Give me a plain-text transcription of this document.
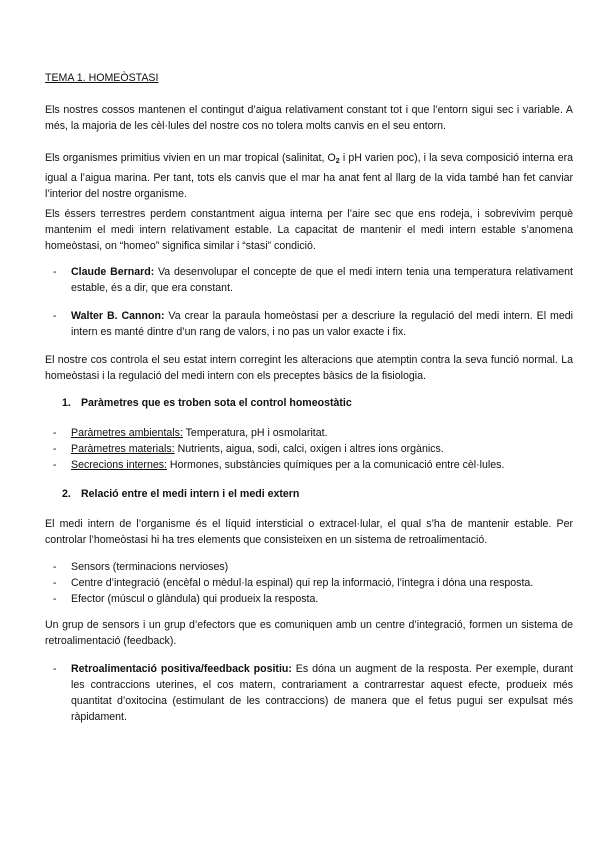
TEMA 1. HOMEÒSTASI

Els nostres cossos mantenen el contingut d’aigua relativament constant tot i que l’entorn sigui sec i variable. A més, la majoria de les cèl·lules del nostre cos no tolera molts canvis en el seu entorn.

Els organismes primitius vivien en un mar tropical (salinitat, $O_2$ i pH varien poc), i la seva composició interna era igual a l’aigua marina. Per tant, tots els canvis que el mar ha anat fent al llarg de la vida també han fet canviar l’interior del nostre organisme.

Els éssers terrestres perdem constantment aigua interna per l’aire sec que ens rodeja, i sobrevivim perquè mantenim el medi intern relativament estable. La capacitat de mantenir el medi intern estable s’anomena homeòstasi, on “homeo” significa similar i “stasi” condició.

- Claude Bernard: Va desenvolupar el concepte de que el medi intern tenia una temperatura relativament estable, és a dir, que era constant.
- Walter B. Cannon: Va crear la paraula homeòstasi per a descriure la regulació del medi intern. El medi intern es manté dintre d’un rang de valors, i no pas un valor exacte i fix.

El nostre cos controla el seu estat intern corregint les alteracions que atemptin contra la seva funció normal. La homeòstasi i la regulació del medi intern con els preceptes bàsics de la fisiologia.

1. Paràmetres que es troben sota el control homeostàtic
- Paràmetres ambientals: Temperatura, pH i osmolaritat.
- Paràmetres materials: Nutrients, aigua, sodi, calci, oxigen i altres ions orgànics.
- Secrecions internes: Hormones, substàncies químiques per a la comunicació entre cèl·lules.
2. Relació entre el medi intern i el medi extern

El medi intern de l’organisme és el líquid intersticial o extracel·lular, el qual s’ha de mantenir estable. Per controlar l’homeòstasi hi ha tres elements que consisteixen en un sistema de retroalimentació.

- Sensors (terminacions nervioses)
- Centre d’integració (encèfal o mèdul·la espinal) qui rep la informació, l’integra i dóna una resposta.
- Efector (múscul o glàndula) qui produeix la resposta.

Un grup de sensors i un grup d’efectors que es comuniquen amb un centre d’integració, formen un sistema de retroalimentació (feedback).

- Retroalimentació positiva/feedback positiu: Es dóna un augment de la resposta. Per exemple, durant les contraccions uterines, el cos matern, contrariament a contrarrestar aquest efecte, produeix més quantitat d’oxitocina (estimulant de les contraccions) de manera que el fetus pugui ser expulsat més ràpidament.
